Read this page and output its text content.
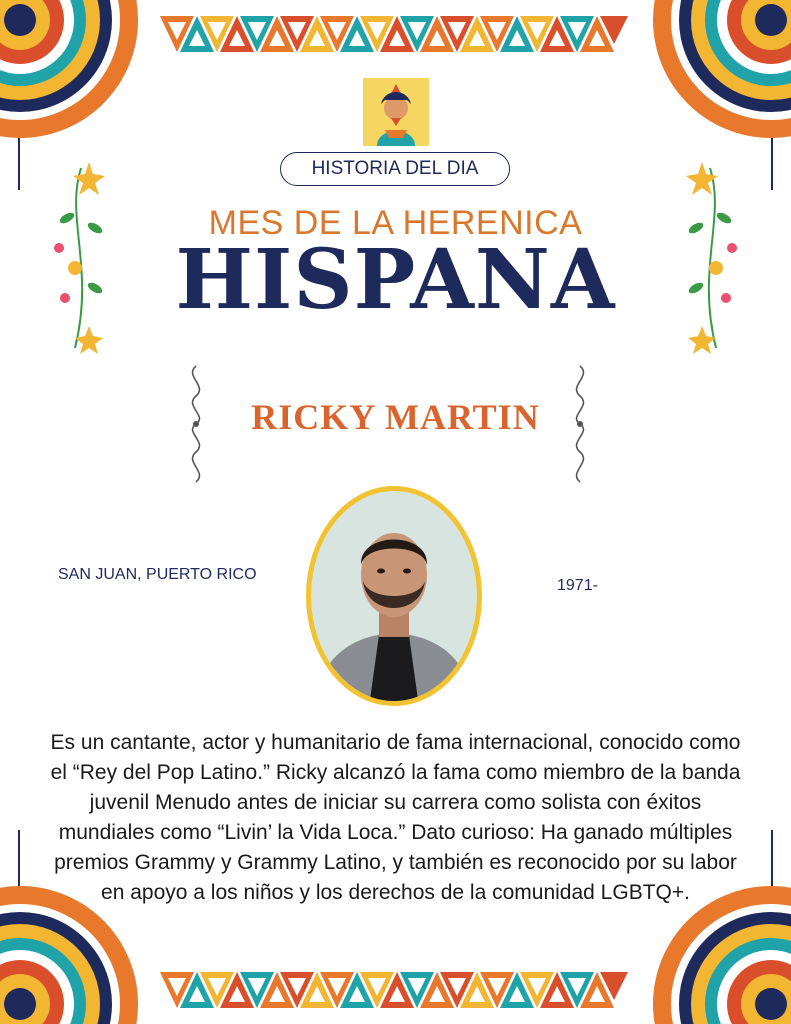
HISTORIA DEL DIA
MES DE LA HERENICA
HISPANA
RICKY MARTIN
SAN JUAN, PUERTO RICO
1971-
Es un cantante, actor y humanitario de fama internacional, conocido como el “Rey del Pop Latino.” Ricky alcanzó la fama como miembro de la banda juvenil Menudo antes de iniciar su carrera como solista con éxitos mundiales como “Livin’ la Vida Loca.” Dato curioso: Ha ganado múltiples premios Grammy y Grammy Latino, y también es reconocido por su labor en apoyo a los niños y los derechos de la comunidad LGBTQ+.
